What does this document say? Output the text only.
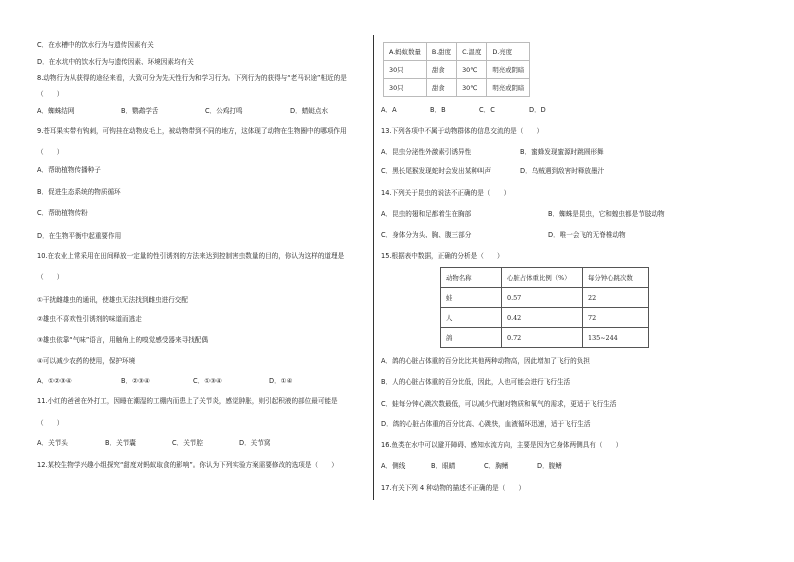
C．在水槽中的饮水行为与遗传因素有关
D．在水坑中的饮水行为与遗传因素、环境因素均有关
8.动物行为从获得的途径来看，大致可分为先天性行为和学习行为。下列行为的获得与“老马识途”相近的是
（　　）
A．蜘蛛结网	B．鹦鹉学舌	C．公鸡打鸣	D．蜻蜓点水
9.苍耳果实带有钩刺，可钩挂在动物皮毛上，被动物带到不同的地方，这体现了动物在生物圈中的哪项作用
（　　）
A．帮助植物传播种子
B．促进生态系统的物质循环
C．帮助植物传粉
D．在生物平衡中起重要作用
10.在农业上常采用在田间释放一定量的性引诱剂的方法来达到控制害虫数量的目的，你认为这样的道理是
（　　）
①干扰雌雄虫的通讯，使雄虫无法找到雌虫进行交配
②雄虫不喜欢性引诱剂的味道而逃走
③雄虫依靠“气味”语言，用触角上的嗅觉感受器来寻找配偶
④可以减少农药的使用，保护环境
A．①②③④	B．②③④	C．①③④	D．①④
11.小红的爸爸在外打工，因睡在潮湿的工棚内而患上了关节炎，感觉肿胀，则引起积液的部位最可能是
（　　）
A．关节头	B．关节囊	C．关节腔	D．关节窝
12.某校生物学兴趣小组探究“甜度对蚂蚁取食的影响”。你认为下列实验方案需要修改的选项是（　　）
A.蚂蚁数量	B.甜度	C.温度	D.亮度
30只	甜食	30℃	明亮或阴暗
30只	甜食	30℃	明亮或阴暗
A．A	B．B	C．C	D．D
13.下列各项中不属于动物群体的信息交流的是（　　）
A．昆虫分泌性外激素引诱异性	B．蜜蜂发现蜜源时跳圆形舞
C．黑长尾猴发现蛇时会发出某种叫声	D．乌贼遇到敌害时释放墨汁
14.下列关于昆虫的说法不正确的是（　　）
A．昆虫的翅和足都着生在胸部	B．蜘蛛是昆虫，它和蝗虫都是节肢动物
C．身体分为头、胸、腹三部分	D．唯一会飞的无脊椎动物
15.根据表中数据，正确的分析是（　　）
动物名称	心脏占体重比例（%）	每分钟心跳次数
蛙	0.57	22
人	0.42	72
鸽	0.72	135~244
A．鸽的心脏占体重的百分比比其他两种动物高，因此增加了飞行的负担
B．人的心脏占体重的百分比低，因此，人也可能会进行飞行生活
C．蛙每分钟心跳次数最低，可以减少代谢对物质和氧气的需求，更适于飞行生活
D．鸽的心脏占体重的百分比高、心跳快，血液循环迅速，适于飞行生活
16.鱼类在水中可以避开障碍、感知水流方向，主要是因为它身体两侧具有（　　）
A．侧线	B．眼睛	C．胸鳍	D．腹鳍
17.有关下列 4 种动物的描述不正确的是（　　）
